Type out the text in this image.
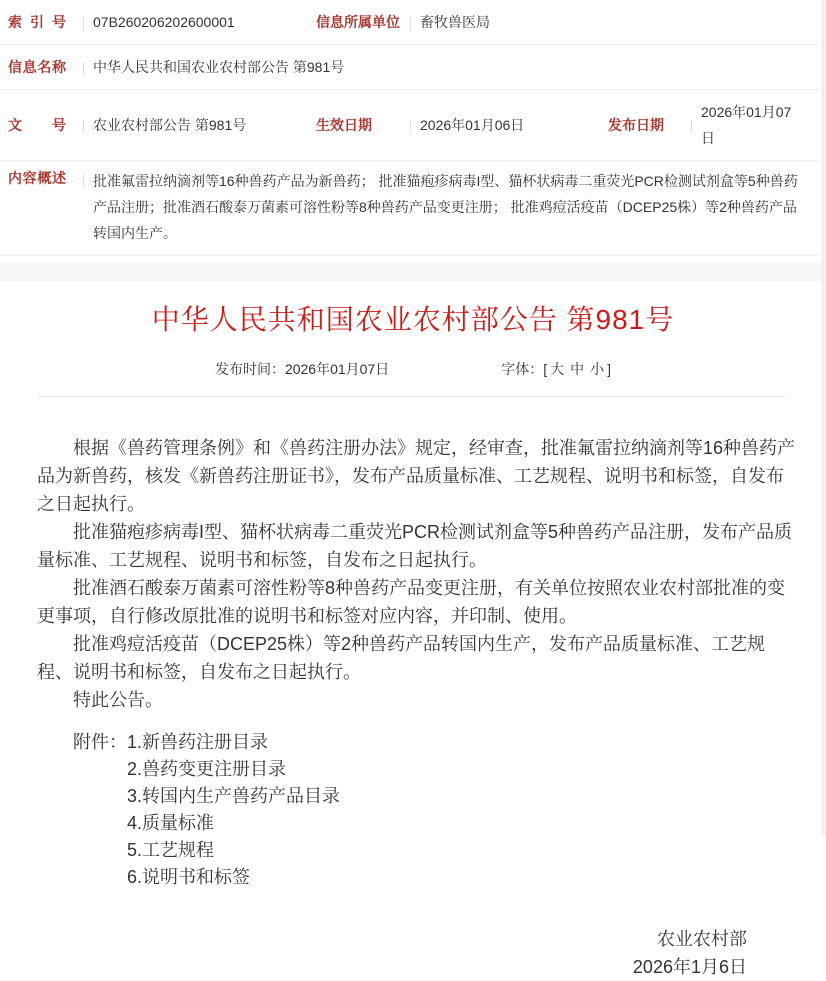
索引号	07B260206202600001	信息所属单位	畜牧兽医局
信息名称	中华人民共和国农业农村部公告 第981号
文号	农业农村部公告 第981号	生效日期	2026年01月06日	发布日期
2026年01月07日
内容概述	批准氟雷拉纳滴剂等16种兽药产品为新兽药； 批准猫疱疹病毒I型、猫杯状病毒二重荧光PCR检测试剂盒等5种兽药产品注册；批准酒石酸泰万菌素可溶性粉等8种兽药产品变更注册； 批准鸡痘活疫苗（DCEP25株）等2种兽药产品转国内生产。
中华人民共和国农业农村部公告 第981号
发布时间：2026年01月07日	字体：[ 大 中 小 ]

根据《兽药管理条例》和《兽药注册办法》规定，经审查，批准氟雷拉纳滴剂等16种兽药产品为新兽药，核发《新兽药注册证书》，发布产品质量标准、工艺规程、说明书和标签，自发布之日起执行。

批准猫疱疹病毒I型、猫杯状病毒二重荧光PCR检测试剂盒等5种兽药产品注册，发布产品质量标准、工艺规程、说明书和标签，自发布之日起执行。

批准酒石酸泰万菌素可溶性粉等8种兽药产品变更注册，有关单位按照农业农村部批准的变更事项，自行修改原批准的说明书和标签对应内容，并印制、使用。

批准鸡痘活疫苗（DCEP25株）等2种兽药产品转国内生产，发布产品质量标准、工艺规程、说明书和标签，自发布之日起执行。

特此公告。

附件： 1.新兽药注册目录
2.兽药变更注册目录
3.转国内生产兽药产品目录
4.质量标准
5.工艺规程
6.说明书和标签
农业农村部
2026年1月6日
